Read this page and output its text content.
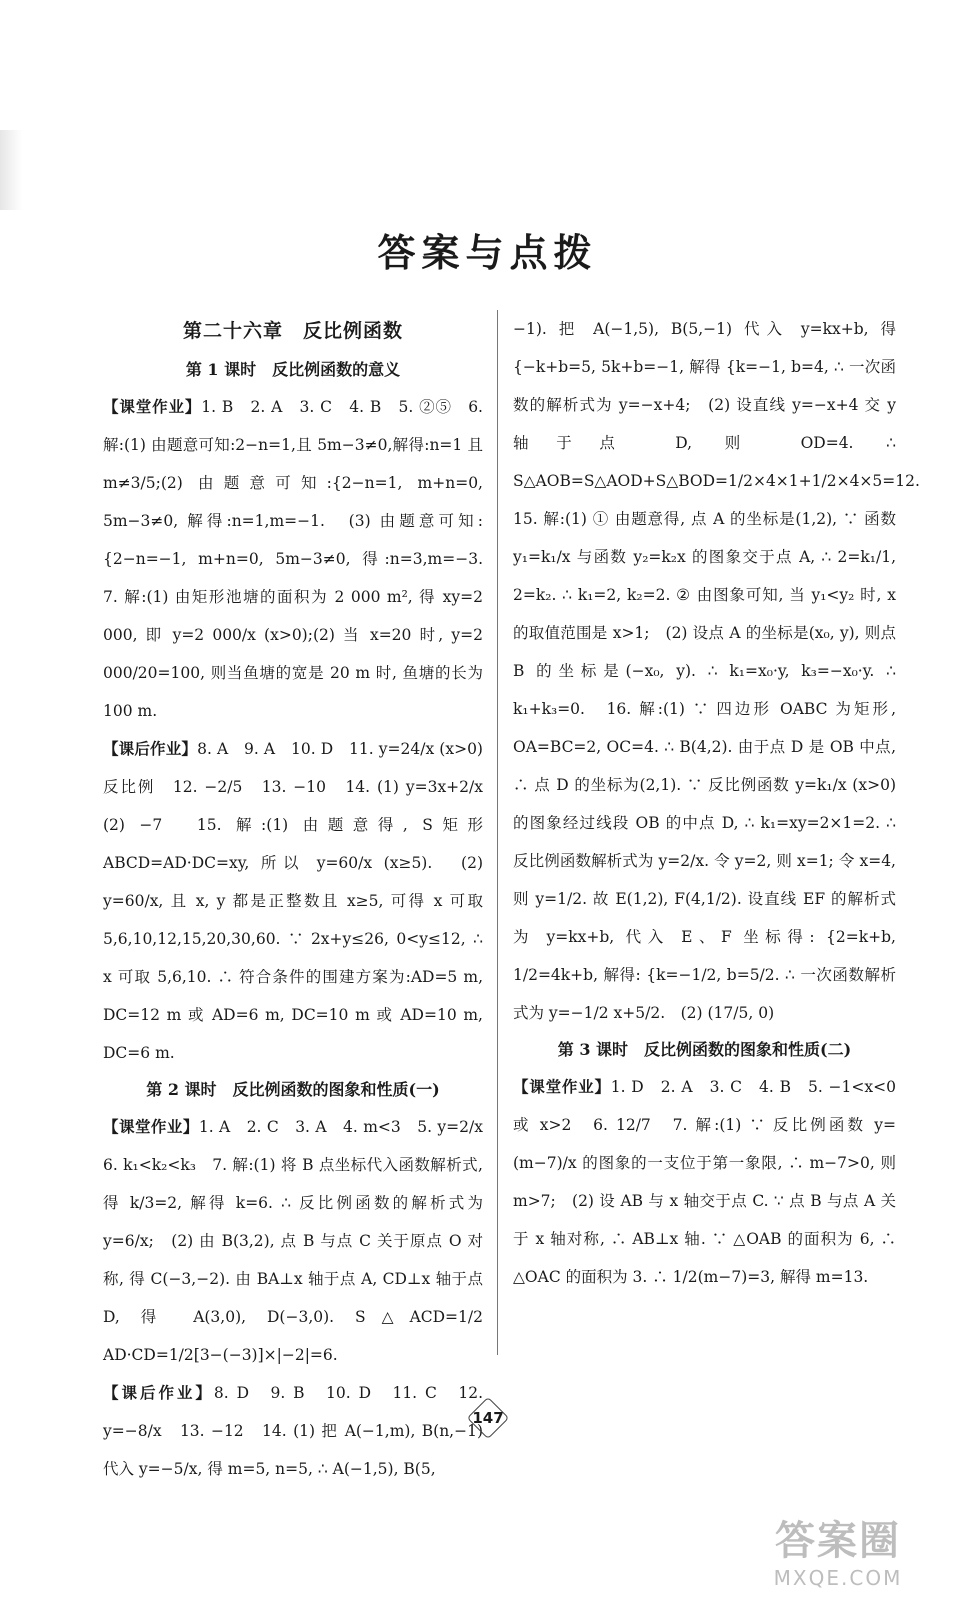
答案与点拨
第二十六章　反比例函数
第 1 课时　反比例函数的意义

【课堂作业】1. B　2. A　3. C　4. B　5. ②⑤　6. 解:(1) 由题意可知:2−n=1,且 5m−3≠0,解得:n=1 且 m≠3/5;(2) 由题意可知:{2−n=1, m+n=0, 5m−3≠0, 解得:n=1,m=−1.　(3) 由题意可知:{2−n=−1, m+n=0, 5m−3≠0, 得:n=3,m=−3.　7. 解:(1) 由矩形池塘的面积为 2 000 m², 得 xy=2 000, 即 y=2 000/x (x>0);(2) 当 x=20 时, y=2 000/20=100, 则当鱼塘的宽是 20 m 时, 鱼塘的长为 100 m.

【课后作业】8. A　9. A　10. D　11. y=24/x (x>0)　反比例　12. −2/5　13. −10　14. (1) y=3x+2/x　(2) −7　15. 解:(1) 由题意得, S矩形ABCD=AD·DC=xy, 所以 y=60/x (x≥5).　(2) y=60/x, 且 x, y 都是正整数且 x≥5, 可得 x 可取 5,6,10,12,15,20,30,60. ∵ 2x+y≤26, 0<y≤12, ∴ x 可取 5,6,10. ∴ 符合条件的围建方案为:AD=5 m, DC=12 m 或 AD=6 m, DC=10 m 或 AD=10 m, DC=6 m.

第 2 课时　反比例函数的图象和性质(一)

【课堂作业】1. A　2. C　3. A　4. m<3　5. y=2/x　6. k₁<k₂<k₃　7. 解:(1) 将 B 点坐标代入函数解析式, 得 k/3=2, 解得 k=6. ∴ 反比例函数的解析式为 y=6/x;　(2) 由 B(3,2), 点 B 与点 C 关于原点 O 对称, 得 C(−3,−2). 由 BA⊥x 轴于点 A, CD⊥x 轴于点 D, 得 A(3,0), D(−3,0). S△ACD=1/2 AD·CD=1/2[3−(−3)]×|−2|=6.

【课后作业】8. D　9. B　10. D　11. C　12. y=−8/x　13. −12　14. (1) 把 A(−1,m), B(n,−1) 代入 y=−5/x, 得 m=5, n=5, ∴ A(−1,5), B(5,

−1). 把 A(−1,5), B(5,−1) 代入 y=kx+b, 得 {−k+b=5, 5k+b=−1, 解得 {k=−1, b=4, ∴ 一次函数的解析式为 y=−x+4;　(2) 设直线 y=−x+4 交 y 轴于点 D, 则 OD=4. ∴ S△AOB=S△AOD+S△BOD=1/2×4×1+1/2×4×5=12.　15. 解:(1) ① 由题意得, 点 A 的坐标是(1,2), ∵ 函数 y₁=k₁/x 与函数 y₂=k₂x 的图象交于点 A, ∴ 2=k₁/1, 2=k₂. ∴ k₁=2, k₂=2. ② 由图象可知, 当 y₁<y₂ 时, x 的取值范围是 x>1;　(2) 设点 A 的坐标是(x₀, y), 则点 B 的坐标是(−x₀, y). ∴ k₁=x₀·y, k₃=−x₀·y. ∴ k₁+k₃=0.　16. 解:(1) ∵ 四边形 OABC 为矩形, OA=BC=2, OC=4. ∴ B(4,2). 由于点 D 是 OB 中点, ∴ 点 D 的坐标为(2,1). ∵ 反比例函数 y=k₁/x (x>0) 的图象经过线段 OB 的中点 D, ∴ k₁=xy=2×1=2. ∴ 反比例函数解析式为 y=2/x. 令 y=2, 则 x=1; 令 x=4, 则 y=1/2. 故 E(1,2), F(4,1/2). 设直线 EF 的解析式为 y=kx+b, 代入 E、F 坐标得: {2=k+b, 1/2=4k+b, 解得: {k=−1/2, b=5/2. ∴ 一次函数解析式为 y=−1/2 x+5/2.　(2) (17/5, 0)

第 3 课时　反比例函数的图象和性质(二)

【课堂作业】1. D　2. A　3. C　4. B　5. −1<x<0 或 x>2　6. 12/7　7. 解:(1) ∵ 反比例函数 y=(m−7)/x 的图象的一支位于第一象限, ∴ m−7>0, 则 m>7;　(2) 设 AB 与 x 轴交于点 C. ∵ 点 B 与点 A 关于 x 轴对称, ∴ AB⊥x 轴. ∵ △OAB 的面积为 6, ∴ △OAC 的面积为 3. ∴ 1/2(m−7)=3, 解得 m=13.

147
答案圈
MXQE.COM
